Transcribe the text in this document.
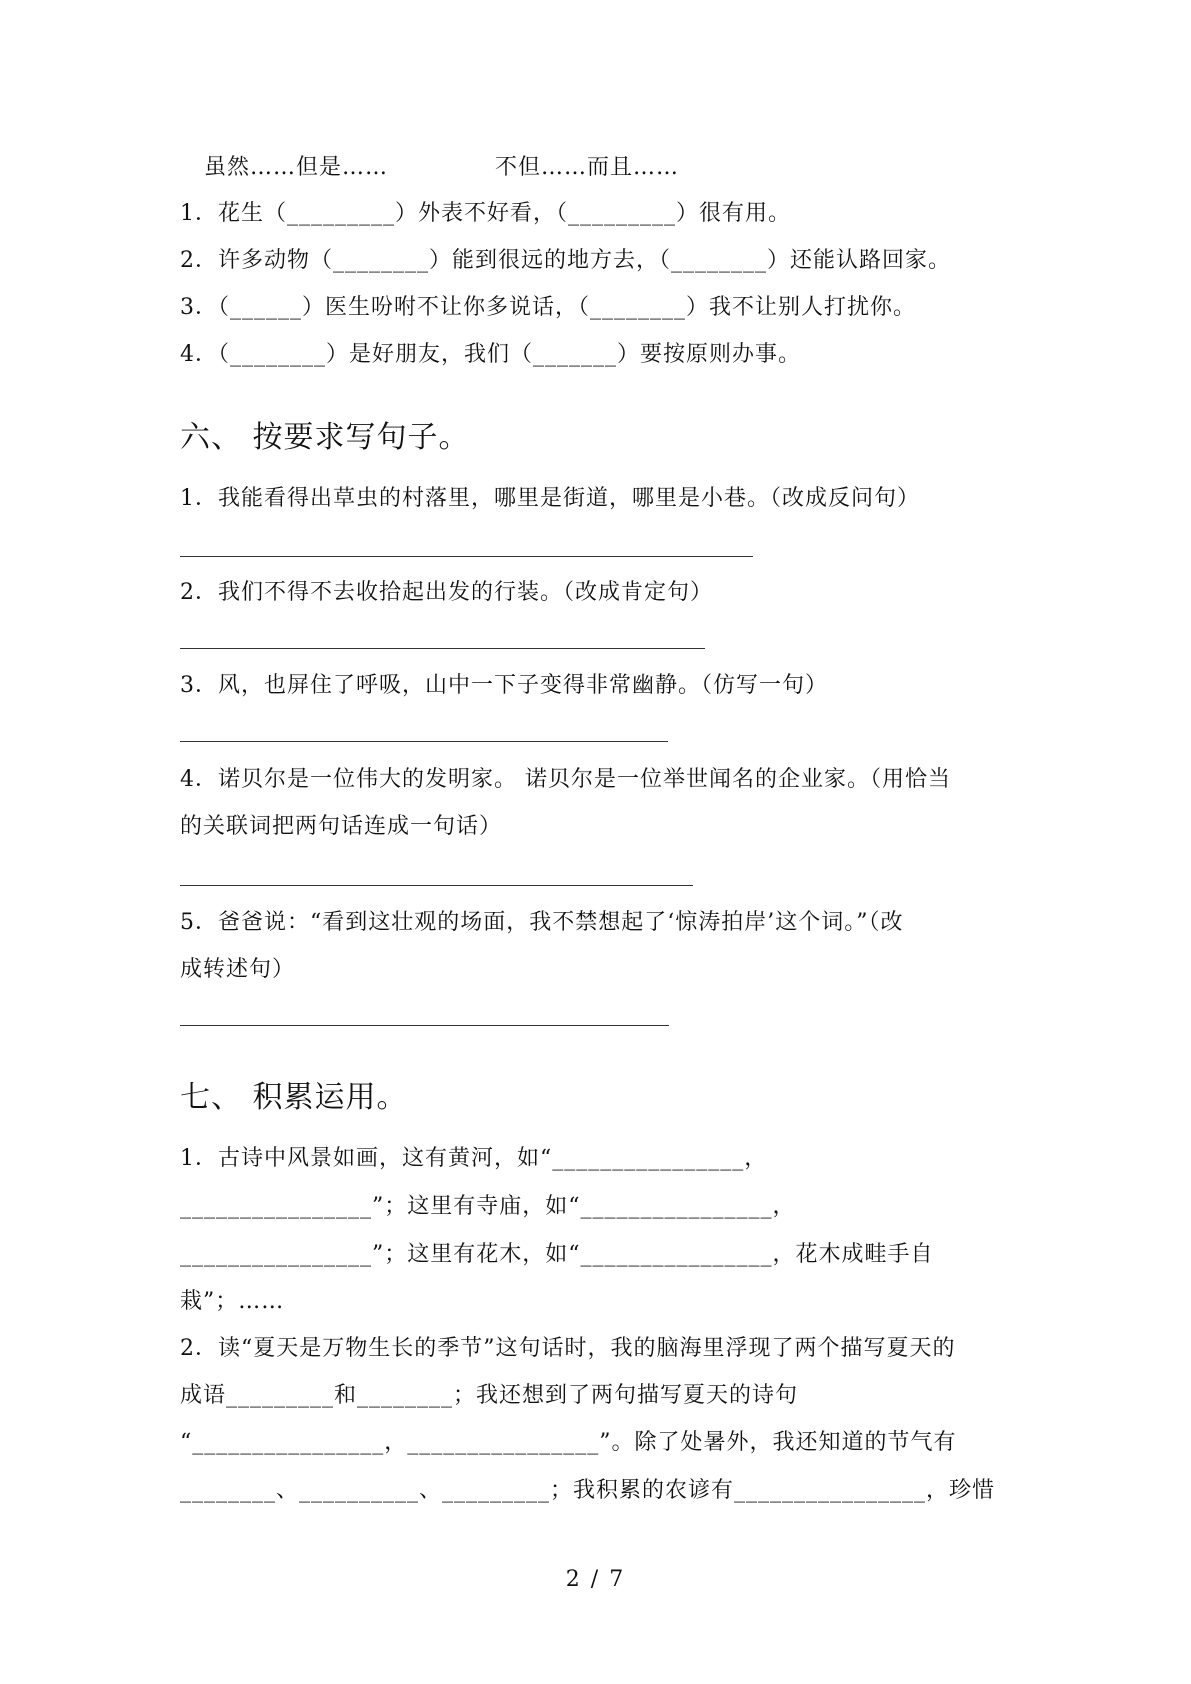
虽然……但是……	不但……而且……
1．花生（_________）外表不好看，（_________）很有用。
2．许多动物（________）能到很远的地方去，（________）还能认路回家。
3．（______）医生吩咐不让你多说话，（________）我不让别人打扰你。
4．（________）是好朋友，我们（_______）要按原则办事。
六、 按要求写句子。
1．我能看得出草虫的村落里，哪里是街道，哪里是小巷。（改成反问句）
2．我们不得不去收拾起出发的行装。（改成肯定句）
3．风，也屏住了呼吸，山中一下子变得非常幽静。（仿写一句）
4．诺贝尔是一位伟大的发明家。 诺贝尔是一位举世闻名的企业家。（用恰当
的关联词把两句话连成一句话）
5．爸爸说：“看到这壮观的场面，我不禁想起了‘惊涛拍岸’这个词。”（改
成转述句）
七、 积累运用。
1．古诗中风景如画，这有黄河，如“________________，
________________”；这里有寺庙，如“________________，
________________”；这里有花木，如“________________，花木成畦手自
栽”；……
2．读“夏天是万物生长的季节”这句话时，我的脑海里浮现了两个描写夏天的
成语_________和________；我还想到了两句描写夏天的诗句
“________________，________________”。除了处暑外，我还知道的节气有
________、__________、_________；我积累的农谚有________________，珍惜
2 / 7
